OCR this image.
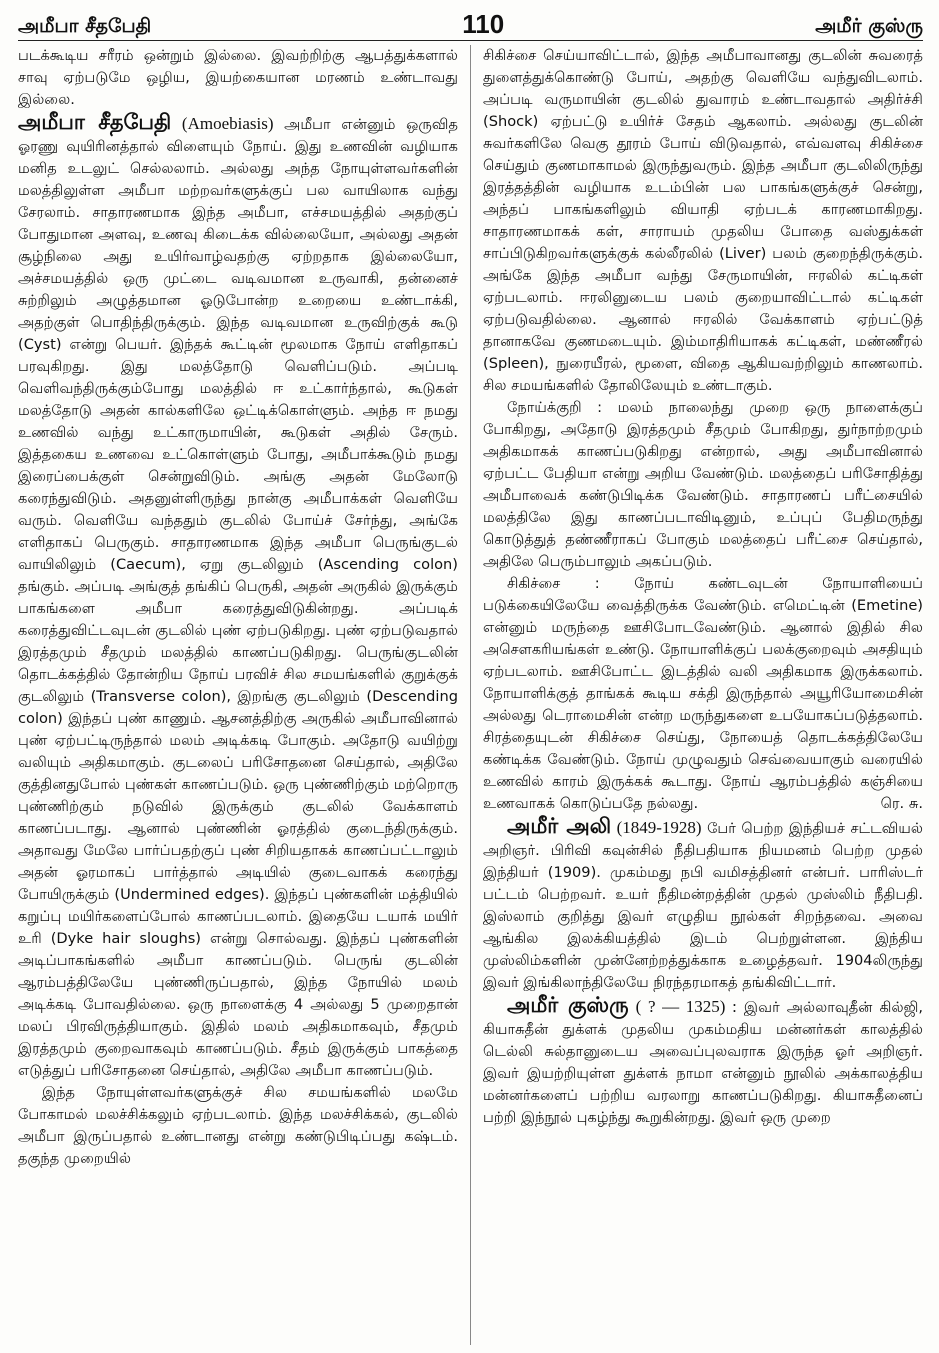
அமீபா சீதபேதி	110	அமீர் குஸ்ரு

படக்கூடிய சரீரம் ஒன்றும் இல்லை. இவற்றிற்கு ஆபத்துக்களால் சாவு ஏற்படுமே ஒழிய, இயற்கையான மரணம் உண்டாவது இல்லை.

அமீபா சீதபேதி (Amoebiasis) அமீபா என்னும் ஒருவித ஓரணு வுயிரினத்தால் விளையும் நோய். இது உணவின் வழியாக மனித உடலுட் செல்லலாம். அல்லது அந்த நோயுள்ளவர்களின் மலத்திலுள்ள அமீபா மற்றவர்களுக்குப் பல வாயிலாக வந்து சேரலாம். சாதாரணமாக இந்த அமீபா, எச்சமயத்தில் அதற்குப் போதுமான அளவு, உணவு கிடைக்க வில்லையோ, அல்லது அதன் சூழ்நிலை அது உயிர்வாழ்வதற்கு ஏற்றதாக இல்லையோ, அச்சமயத்தில் ஒரு முட்டை வடிவமான உருவாகி, தன்னைச் சுற்றிலும் அழுத்தமான ஓடுபோன்ற உறையை உண்டாக்கி, அதற்குள் பொதிந்திருக்கும். இந்த வடிவமான உருவிற்குக் கூடு (Cyst) என்று பெயர். இந்தக் கூட்டின் மூலமாக நோய் எளிதாகப் பரவுகிறது. இது மலத்தோடு வெளிப்படும். அப்படி வெளிவந்திருக்கும்போது மலத்தில் ஈ உட்கார்ந்தால், கூடுகள் மலத்தோடு அதன் கால்களிலே ஒட்டிக்கொள்ளும். அந்த ஈ நமது உணவில் வந்து உட்காருமாயின், கூடுகள் அதில் சேரும். இத்தகைய உணவை உட்கொள்ளும் போது, அமீபாக்கூடும் நமது இரைப்பைக்குள் சென்றுவிடும். அங்கு அதன் மேலோடு கரைந்துவிடும். அதனுள்ளிருந்து நான்கு அமீபாக்கள் வெளியே வரும். வெளியே வந்ததும் குடலில் போய்ச் சேர்ந்து, அங்கே எளிதாகப் பெருகும். சாதாரணமாக இந்த அமீபா பெருங்குடல் வாயிலிலும் (Caecum), ஏறு குடலிலும் (Ascending colon) தங்கும். அப்படி அங்குத் தங்கிப் பெருகி, அதன் அருகில் இருக்கும் பாகங்களை அமீபா கரைத்துவிடுகின்றது. அப்படிக் கரைத்துவிட்டவுடன் குடலில் புண் ஏற்படுகிறது. புண் ஏற்படுவதால் இரத்தமும் சீதமும் மலத்தில் காணப்படுகிறது. பெருங்குடலின் தொடக்கத்தில் தோன்றிய நோய் பரவிச் சில சமயங்களில் குறுக்குக் குடலிலும் (Transverse colon), இறங்கு குடலிலும் (Descending colon) இந்தப் புண் காணும். ஆசனத்திற்கு அருகில் அமீபாவினால் புண் ஏற்பட்டிருந்தால் மலம் அடிக்கடி போகும். அதோடு வயிற்று வலியும் அதிகமாகும். குடலைப் பரிசோதனை செய்தால், அதிலே குத்தினதுபோல் புண்கள் காணப்படும். ஒரு புண்ணிற்கும் மற்றொரு புண்ணிற்கும் நடுவில் இருக்கும் குடலில் வேக்காளம் காணப்படாது. ஆனால் புண்ணின் ஓரத்தில் குடைந்திருக்கும். அதாவது மேலே பார்ப்பதற்குப் புண் சிறியதாகக் காணப்பட்டாலும் அதன் ஓரமாகப் பார்த்தால் அடியில் குடைவாகக் கரைந்து போயிருக்கும் (Undermined edges). இந்தப் புண்களின் மத்தியில் கறுப்பு மயிர்களைப்போல் காணப்படலாம். இதையே டயாக் மயிர் உரி (Dyke hair sloughs) என்று சொல்வது. இந்தப் புண்களின் அடிப்பாகங்களில் அமீபா காணப்படும். பெருங் குடலின் ஆரம்பத்திலேயே புண்ணிருப்பதால், இந்த நோயில் மலம் அடிக்கடி போவதில்லை. ஒரு நாளைக்கு 4 அல்லது 5 முறைதான் மலப் பிரவிருத்தியாகும். இதில் மலம் அதிகமாகவும், சீதமும் இரத்தமும் குறைவாகவும் காணப்படும். சீதம் இருக்கும் பாகத்தை எடுத்துப் பரிசோதனை செய்தால், அதிலே அமீபா காணப்படும்.

இந்த நோயுள்ளவர்களுக்குச் சில சமயங்களில் மலமே போகாமல் மலச்சிக்கலும் ஏற்படலாம். இந்த மலச்சிக்கல், குடலில் அமீபா இருப்பதால் உண்டானது என்று கண்டுபிடிப்பது கஷ்டம். தகுந்த முறையில்

சிகிச்சை செய்யாவிட்டால், இந்த அமீபாவானது குடலின் சுவரைத் துளைத்துக்கொண்டு போய், அதற்கு வெளியே வந்துவிடலாம். அப்படி வருமாயின் குடலில் துவாரம் உண்டாவதால் அதிர்ச்சி (Shock) ஏற்பட்டு உயிர்ச் சேதம் ஆகலாம். அல்லது குடலின் சுவர்களிலே வெகு தூரம் போய் விடுவதால், எவ்வளவு சிகிச்சை செய்தும் குணமாகாமல் இருந்துவரும். இந்த அமீபா குடலிலிருந்து இரத்தத்தின் வழியாக உடம்பின் பல பாகங்களுக்குச் சென்று, அந்தப் பாகங்களிலும் வியாதி ஏற்படக் காரணமாகிறது. சாதாரணமாகக் கள், சாராயம் முதலிய போதை வஸ்துக்கள் சாப்பிடுகிறவர்களுக்குக் கல்லீரலில் (Liver) பலம் குறைந்திருக்கும். அங்கே இந்த அமீபா வந்து சேருமாயின், ஈரலில் கட்டிகள் ஏற்படலாம். ஈரலினுடைய பலம் குறையாவிட்டால் கட்டிகள் ஏற்படுவதில்லை. ஆனால் ஈரலில் வேக்காளம் ஏற்பட்டுத் தானாகவே குணமடையும். இம்மாதிரியாகக் கட்டிகள், மண்ணீரல் (Spleen), நுரையீரல், மூளை, விதை ஆகியவற்றிலும் காணலாம். சில சமயங்களில் தோலிலேயும் உண்டாகும்.

நோய்க்குறி : மலம் நாலைந்து முறை ஒரு நாளைக்குப் போகிறது, அதோடு இரத்தமும் சீதமும் போகிறது, துர்நாற்றமும் அதிகமாகக் காணப்படுகிறது என்றால், அது அமீபாவினால் ஏற்பட்ட பேதியா என்று அறிய வேண்டும். மலத்தைப் பரிசோதித்து அமீபாவைக் கண்டுபிடிக்க வேண்டும். சாதாரணப் பரீட்சையில் மலத்திலே இது காணப்படாவிடினும், உப்புப் பேதிமருந்து கொடுத்துத் தண்ணீராகப் போகும் மலத்தைப் பரீட்சை செய்தால், அதிலே பெரும்பாலும் அகப்படும்.

சிகிச்சை : நோய் கண்டவுடன் நோயாளியைப் படுக்கையிலேயே வைத்திருக்க வேண்டும். எமெட்டின் (Emetine) என்னும் மருந்தை ஊசிபோடவேண்டும். ஆனால் இதில் சில அசௌகரியங்கள் உண்டு. நோயாளிக்குப் பலக்குறைவும் அசதியும் ஏற்படலாம். ஊசிபோட்ட இடத்தில் வலி அதிகமாக இருக்கலாம். நோயாளிக்குத் தாங்கக் கூடிய சக்தி இருந்தால் அயூரியோமைசின் அல்லது டெராமைசின் என்ற மருந்துகளை உபயோகப்படுத்தலாம். சிரத்தையுடன் சிகிச்சை செய்து, நோயைத் தொடக்கத்திலேயே கண்டிக்க வேண்டும். நோய் முழுவதும் செவ்வையாகும் வரையில் உணவில் காரம் இருக்கக் கூடாது. நோய் ஆரம்பத்தில் கஞ்சியை உணவாகக் கொடுப்பதே நல்லது.	ரெ. சு.

அமீர் அலி (1849-1928) பேர் பெற்ற இந்தியச் சட்டவியல் அறிஞர். பிரிவி கவுன்சில் நீதிபதியாக நியமனம் பெற்ற முதல் இந்தியர் (1909). முகம்மது நபி வமிசத்தினர் என்பர். பாரிஸ்டர் பட்டம் பெற்றவர். உயர் நீதிமன்றத்தின் முதல் முஸ்லிம் நீதிபதி. இஸ்லாம் குறித்து இவர் எழுதிய நூல்கள் சிறந்தவை. அவை ஆங்கில இலக்கியத்தில் இடம் பெற்றுள்ளன. இந்திய முஸ்லிம்களின் முன்னேற்றத்துக்காக உழைத்தவர். 1904லிருந்து இவர் இங்கிலாந்திலேயே நிரந்தரமாகத் தங்கிவிட்டார்.

அமீர் குஸ்ரு ( ? — 1325) : இவர் அல்லாவுதீன் கில்ஜி, கியாசுதீன் துக்ளக் முதலிய முகம்மதிய மன்னர்கள் காலத்தில் டெல்லி சுல்தானுடைய அவைப்புலவராக இருந்த ஓர் அறிஞர். இவர் இயற்றியுள்ள துக்ளக் நாமா என்னும் நூலில் அக்காலத்திய மன்னர்களைப் பற்றிய வரலாறு காணப்படுகிறது. கியாசுதீனைப் பற்றி இந்நூல் புகழ்ந்து கூறுகின்றது. இவர் ஒரு முறை
